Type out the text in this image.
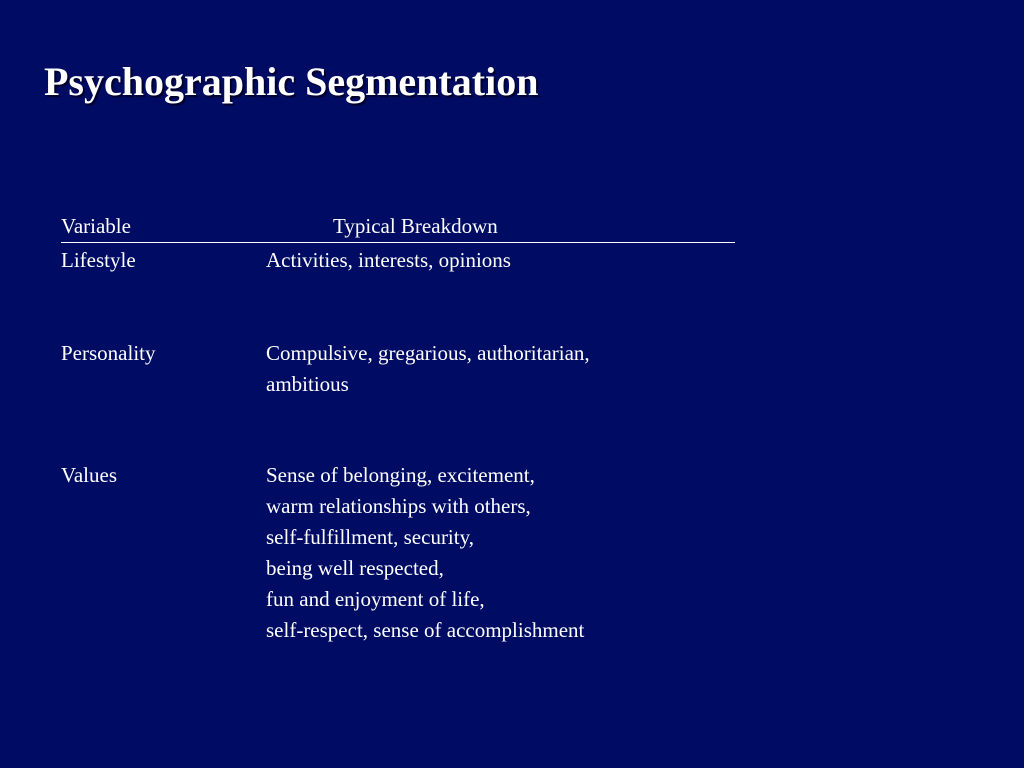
Psychographic Segmentation
Variable	Typical Breakdown
Lifestyle	Activities, interests, opinions
Personality	Compulsive, gregarious, authoritarian,
ambitious
Values	Sense of belonging, excitement,
warm relationships with others,
self-fulfillment, security,
being well respected,
fun and enjoyment of life,
self-respect, sense of accomplishment
